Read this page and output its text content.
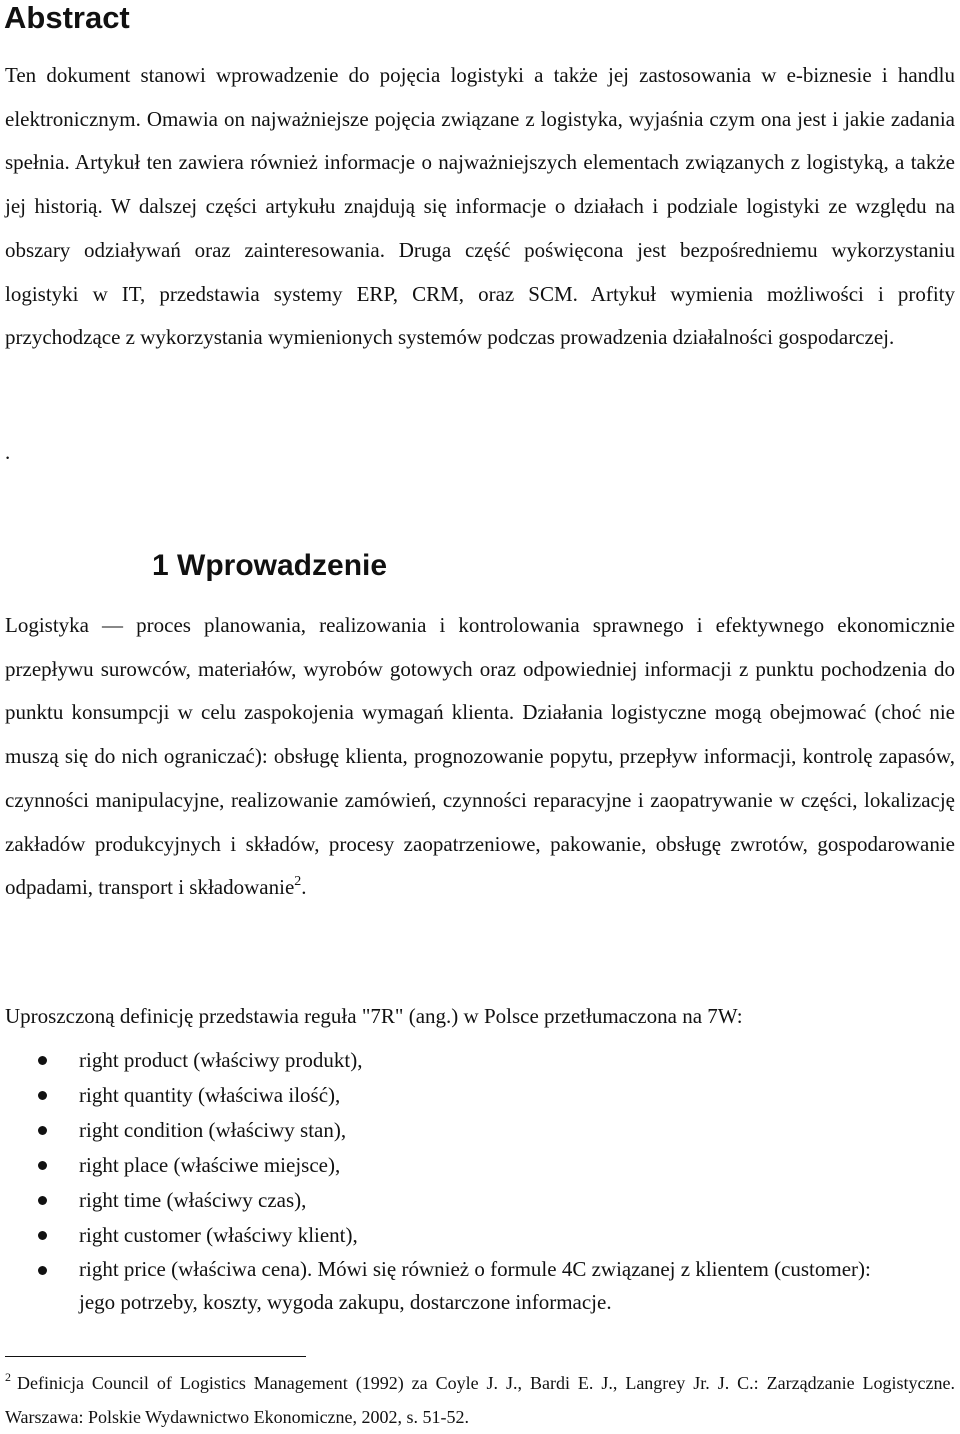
Abstract

Ten dokument stanowi wprowadzenie do pojęcia logistyki a także jej zastosowania w e-biznesie i handlu elektronicznym. Omawia on najważniejsze pojęcia związane z logistyka, wyjaśnia czym ona jest i jakie zadania spełnia. Artykuł ten zawiera również informacje o najważniejszych elementach związanych z logistyką, a także jej historią. W dalszej części artykułu znajdują się informacje o działach i podziale logistyki ze względu na obszary odziaływań oraz zainteresowania. Druga część poświęcona jest bezpośredniemu wykorzystaniu logistyki w IT, przedstawia systemy ERP, CRM, oraz SCM. Artykuł wymienia możliwości i profity przychodzące z wykorzystania wymienionych systemów podczas prowadzenia działalności gospodarczej.

.
1 Wprowadzenie

Logistyka — proces planowania, realizowania i kontrolowania sprawnego i efektywnego ekonomicznie przepływu surowców, materiałów, wyrobów gotowych oraz odpowiedniej informacji z punktu pochodzenia do punktu konsumpcji w celu zaspokojenia wymagań klienta. Działania logistyczne mogą obejmować (choć nie muszą się do nich ograniczać): obsługę klienta, prognozowanie popytu, przepływ informacji, kontrolę zapasów, czynności manipulacyjne, realizowanie zamówień, czynności reparacyjne i zaopatrywanie w części, lokalizację zakładów produkcyjnych i składów, procesy zaopatrzeniowe, pakowanie, obsługę zwrotów, gospodarowanie odpadami, transport i składowanie$^2$.

Uproszczoną definicję przedstawia reguła "7R" (ang.) w Polsce przetłumaczona na 7W:

right product (właściwy produkt),
right quantity (właściwa ilość),
right condition (właściwy stan),
right place (właściwe miejsce),
right time (właściwy czas),
right customer (właściwy klient),
right price (właściwa cena). Mówi się również o formule 4C związanej z klientem (customer): jego potrzeby, koszty, wygoda zakupu, dostarczone informacje.

$^2$ Definicja Council of Logistics Management (1992) za Coyle J. J., Bardi E. J., Langrey Jr. J. C.: Zarządzanie Logistyczne. Warszawa: Polskie Wydawnictwo Ekonomiczne, 2002, s. 51-52.
